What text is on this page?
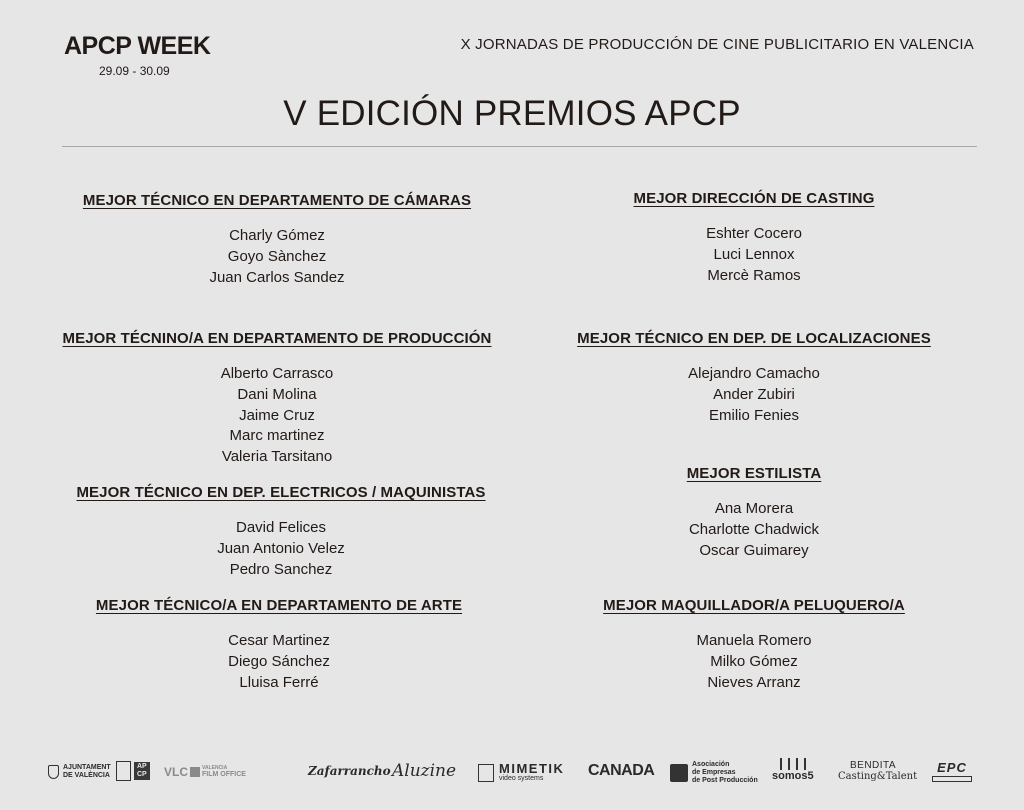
APCP WEEK
29.09 - 30.09
X JORNADAS DE PRODUCCIÓN DE CINE PUBLICITARIO EN VALENCIA
V EDICIÓN PREMIOS APCP
MEJOR TÉCNICO EN DEPARTAMENTO DE CÁMARAS
Charly Gómez
Goyo Sànchez
Juan Carlos Sandez
MEJOR TÉCNINO/A EN DEPARTAMENTO DE PRODUCCIÓN
Alberto Carrasco
Dani Molina
Jaime Cruz
Marc martinez
Valeria Tarsitano
MEJOR TÉCNICO EN DEP. ELECTRICOS / MAQUINISTAS
David Felices
Juan Antonio Velez
Pedro Sanchez
MEJOR TÉCNICO/A EN DEPARTAMENTO DE ARTE
Cesar Martinez
Diego Sánchez
Lluisa Ferré
MEJOR DIRECCIÓN DE CASTING
Eshter Cocero
Luci Lennox
Mercè Ramos
MEJOR TÉCNICO EN DEP. DE LOCALIZACIONES
Alejandro Camacho
Ander Zubiri
Emilio Fenies
MEJOR ESTILISTA
Ana Morera
Charlotte Chadwick
Oscar Guimarey
MEJOR MAQUILLADOR/A PELUQUERO/A
Manuela Romero
Milko Gómez
Nieves Arranz
AJUNTAMENT
DE VALÈNCIA
AP
CP VLC	VALENCIA
FILM OFFICE	Zafarrancho Aluzine	MIMETIK
video systems	CANADA	Asociación
de Empresas
de Post Producción somos5
BENDITA
Casting&Talent
EPC
